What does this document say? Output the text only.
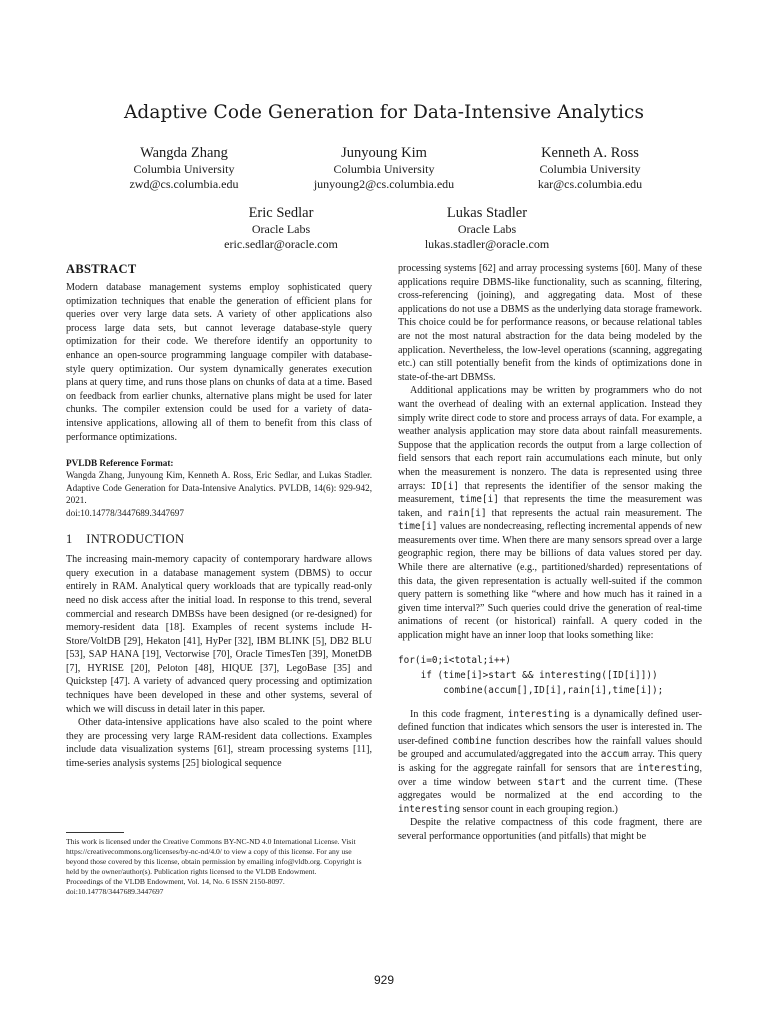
Adaptive Code Generation for Data-Intensive Analytics
Wangda Zhang
Columbia University
zwd@cs.columbia.edu
Junyoung Kim
Columbia University
junyoung2@cs.columbia.edu
Kenneth A. Ross
Columbia University
kar@cs.columbia.edu
Eric Sedlar
Oracle Labs
eric.sedlar@oracle.com
Lukas Stadler
Oracle Labs
lukas.stadler@oracle.com
ABSTRACT

Modern database management systems employ sophisticated query optimization techniques that enable the generation of efficient plans for queries over very large data sets. A variety of other applications also process large data sets, but cannot leverage database-style query optimization for their code. We therefore identify an opportunity to enhance an open-source programming language compiler with database-style query optimization. Our system dynamically generates execution plans at query time, and runs those plans on chunks of data at a time. Based on feedback from earlier chunks, alternative plans might be used for later chunks. The compiler extension could be used for a variety of data-intensive applications, allowing all of them to benefit from this class of performance optimizations.

PVLDB Reference Format:
Wangda Zhang, Junyoung Kim, Kenneth A. Ross, Eric Sedlar, and Lukas Stadler. Adaptive Code Generation for Data-Intensive Analytics. PVLDB, 14(6): 929-942, 2021.
doi:10.14778/3447689.3447697
1    INTRODUCTION

The increasing main-memory capacity of contemporary hardware allows query execution in a database management system (DBMS) to occur entirely in RAM. Analytical query workloads that are typically read-only need no disk access after the initial load. In response to this trend, several commercial and research DMBSs have been designed (or re-designed) for memory-resident data [18]. Examples of recent systems include H-Store/VoltDB [29], Hekaton [41], HyPer [32], IBM BLINK [5], DB2 BLU [53], SAP HANA [19], Vectorwise [70], Oracle TimesTen [39], MonetDB [7], HYRISE [20], Peloton [48], HIQUE [37], LegoBase [35] and Quickstep [47]. A variety of advanced query processing and optimization techniques have been developed in these and other systems, several of which we will discuss in detail later in this paper.

Other data-intensive applications have also scaled to the point where they are processing very large RAM-resident data collections. Examples include data visualization systems [61], stream processing systems [11], time-series analysis systems [25] biological sequence

This work is licensed under the Creative Commons BY-NC-ND 4.0 International License. Visit https://creativecommons.org/licenses/by-nc-nd/4.0/ to view a copy of this license. For any use beyond those covered by this license, obtain permission by emailing info@vldb.org. Copyright is held by the owner/author(s). Publication rights licensed to the VLDB Endowment.
Proceedings of the VLDB Endowment, Vol. 14, No. 6 ISSN 2150-8097.
doi:10.14778/3447689.3447697

processing systems [62] and array processing systems [60]. Many of these applications require DBMS-like functionality, such as scanning, filtering, cross-referencing (joining), and aggregating data. Most of these applications do not use a DBMS as the underlying data storage framework. This choice could be for performance reasons, or because relational tables are not the most natural abstraction for the data being modeled by the application. Nevertheless, the low-level operations (scanning, aggregating etc.) can still potentially benefit from the kinds of optimizations done in state-of-the-art DBMSs.

Additional applications may be written by programmers who do not want the overhead of dealing with an external application. Instead they simply write direct code to store and process arrays of data. For example, a weather analysis application may store data about rainfall measurements. Suppose that the application records the output from a large collection of field sensors that each report rain accumulations each minute, but only when the measurement is nonzero. The data is represented using three arrays: ID[i] that represents the identifier of the sensor making the measurement, time[i] that represents the time the measurement was taken, and rain[i] that represents the actual rain measurement. The time[i] values are nondecreasing, reflecting incremental appends of new measurements over time. When there are many sensors spread over a large geographic region, there may be billions of data values stored per day. While there are alternative (e.g., partitioned/sharded) representations of this data, the given representation is actually well-suited if the common query pattern is something like “where and how much has it rained in a given time interval?” Such queries could drive the generation of real-time animations of recent (or historical) rainfall. A query coded in the application might have an inner loop that looks something like:

for(i=0;i<total;i++)
if (time[i]>start && interesting([ID[i]]))
combine(accum[],ID[i],rain[i],time[i]);

In this code fragment, interesting is a dynamically defined user-defined function that indicates which sensors the user is interested in. The user-defined combine function describes how the rainfall values should be grouped and accumulated/aggregated into the accum array. This query is asking for the aggregate rainfall for sensors that are interesting, over a time window between start and the current time. (These aggregates would be normalized at the end according to the interesting sensor count in each grouping region.)

Despite the relative compactness of this code fragment, there are several performance opportunities (and pitfalls) that might be

929
